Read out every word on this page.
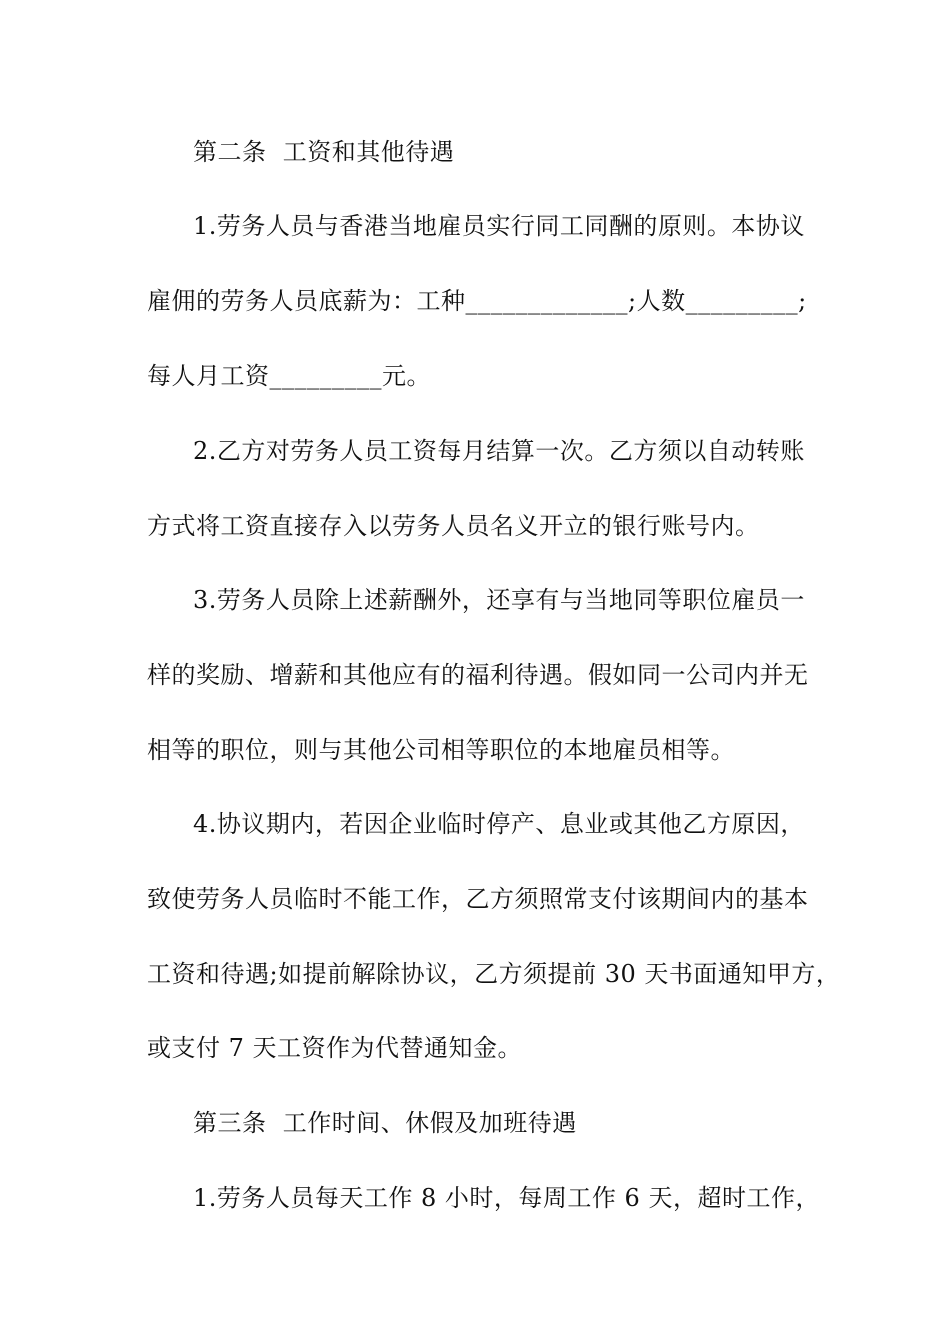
第二条  工资和其他待遇
1.劳务人员与香港当地雇员实行同工同酬的原则。本协议
雇佣的劳务人员底薪为：工种_____________;人数_________;
每人月工资_________元。
2.乙方对劳务人员工资每月结算一次。乙方须以自动转账
方式将工资直接存入以劳务人员名义开立的银行账号内。
3.劳务人员除上述薪酬外，还享有与当地同等职位雇员一
样的奖励、增薪和其他应有的福利待遇。假如同一公司内并无
相等的职位，则与其他公司相等职位的本地雇员相等。
4.协议期内，若因企业临时停产、息业或其他乙方原因，
致使劳务人员临时不能工作，乙方须照常支付该期间内的基本
工资和待遇;如提前解除协议，乙方须提前 30 天书面通知甲方，
或支付 7 天工资作为代替通知金。
第三条  工作时间、休假及加班待遇
1.劳务人员每天工作 8 小时，每周工作 6 天，超时工作，
